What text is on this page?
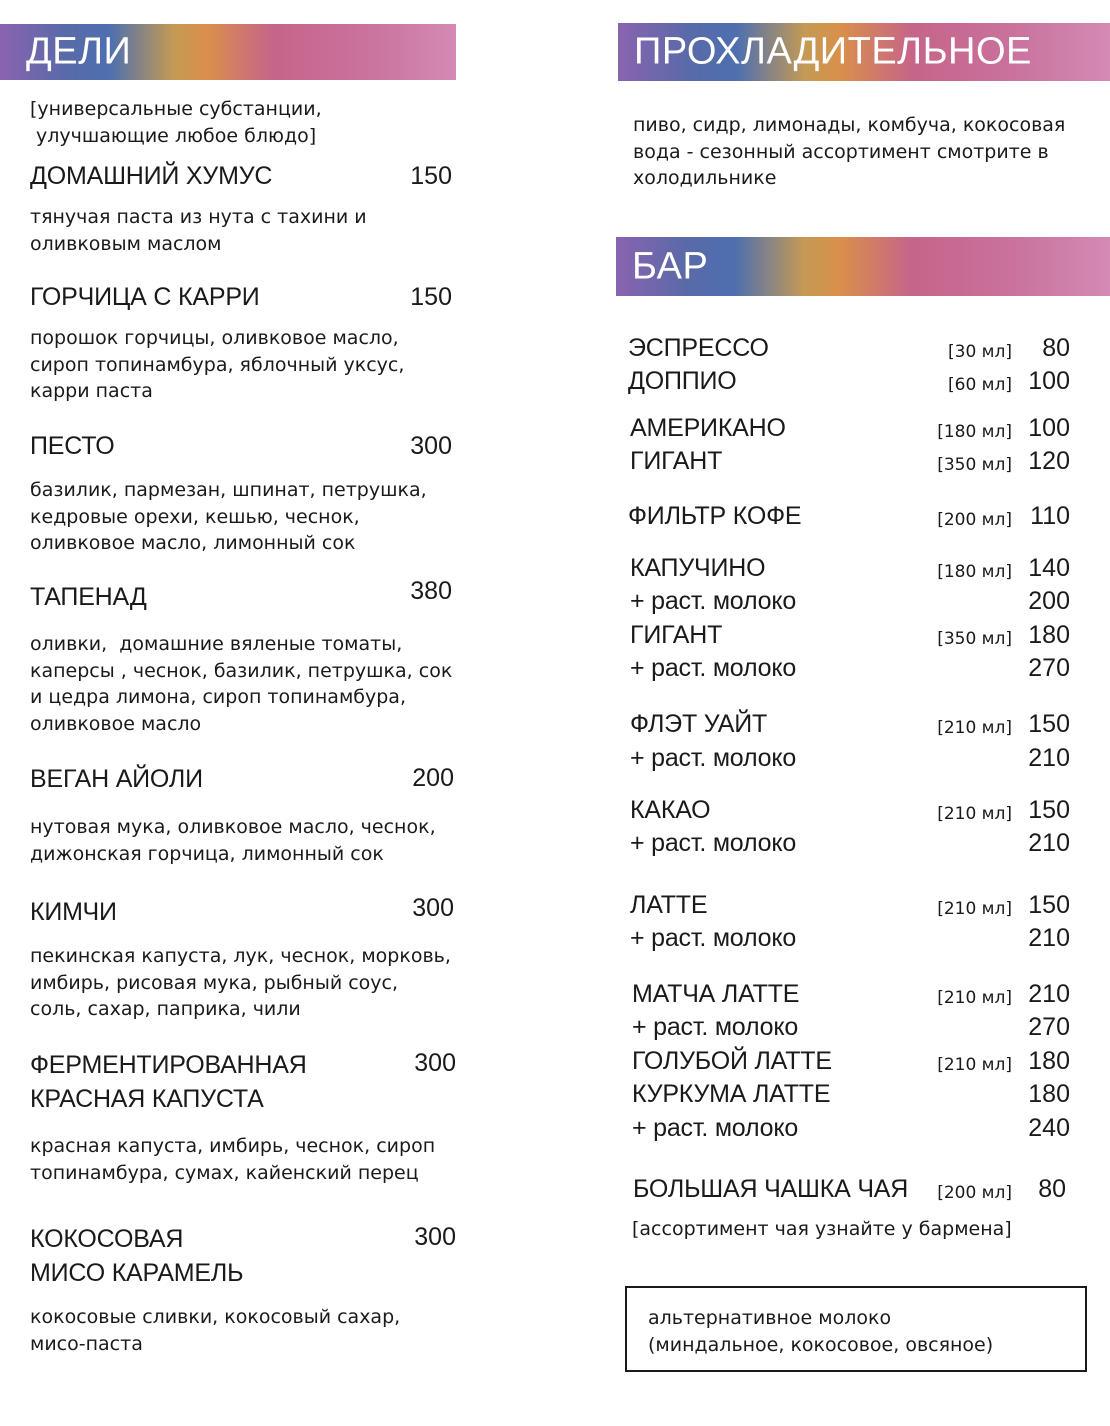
ДЕЛИ
[универсальные субстанции,
улучшающие любое блюдо]
ДОМАШНИЙ ХУМУС	150
тянучая паста из нута с тахини и
оливковым маслом
ГОРЧИЦА С КАРРИ	150
порошок горчицы, оливковое масло,
сироп топинамбура, яблочный уксус,
карри паста
ПЕСТО	300
базилик, пармезан, шпинат, петрушка,
кедровые орехи, кешью, чеснок,
оливковое масло, лимонный сок
ТАПЕНАД	380
оливки,  домашние вяленые томаты,
каперсы , чеснок, базилик, петрушка, сок
и цедра лимона, сироп топинамбура,
оливковое масло
ВЕГАН АЙОЛИ	200
нутовая мука, оливковое масло, чеснок,
дижонская горчица, лимонный сок
КИМЧИ	300
пекинская капуста, лук, чеснок, морковь,
имбирь, рисовая мука, рыбный соус,
соль, сахар, паприка, чили
ФЕРМЕНТИРОВАННАЯ
КРАСНАЯ КАПУСТА
300
красная капуста, имбирь, чеснок, сироп
топинамбура, сумах, кайенский перец
КОКОСОВАЯ
МИСО КАРАМЕЛЬ
300
кокосовые сливки, кокосовый сахар,
мисо-паста
ПРОХЛАДИТЕЛЬНОЕ
пиво, сидр, лимонады, комбуча, кокосовая
вода - сезонный ассортимент смотрите в
холодильнике
БАР
ЭСПРЕССО	[30 мл]	80
ДОППИО	[60 мл] 100
АМЕРИКАНО	[180 мл] 100
ГИГАНТ	[350 мл] 120
ФИЛЬТР КОФЕ	[200 мл] 110
КАПУЧИНО	[180 мл] 140
+ раст. молоко	200
ГИГАНТ	[350 мл] 180
+ раст. молоко	270
ФЛЭТ УАЙТ	[210 мл] 150
+ раст. молоко	210
КАКАО	[210 мл] 150
+ раст. молоко	210
ЛАТТЕ	[210 мл] 150
+ раст. молоко	210
МАТЧА ЛАТТЕ	[210 мл] 210
+ раст. молоко	270
ГОЛУБОЙ ЛАТТЕ	[210 мл] 180
КУРКУМА ЛАТТЕ	180
+ раст. молоко	240
БОЛЬШАЯ ЧАШКА ЧАЯ	[200 мл]	80
[ассортимент чая узнайте у бармена]
альтернативное молоко
(миндальное, кокосовое, овсяное)
